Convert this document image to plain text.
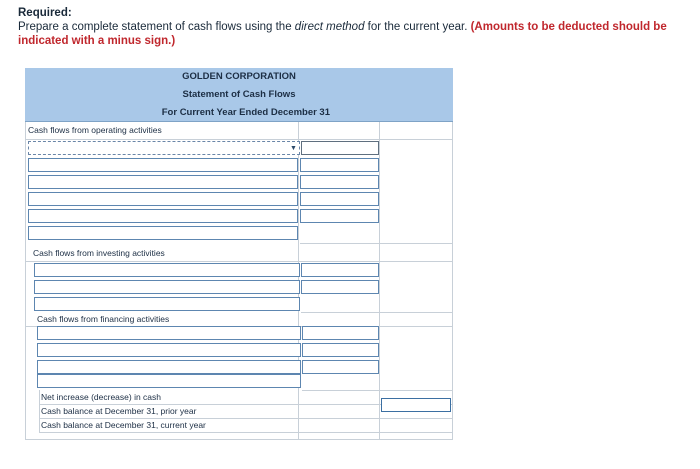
Required:
Prepare a complete statement of cash flows using the direct method for the current year. (Amounts to be deducted should be indicated with a minus sign.)
GOLDEN CORPORATION
Statement of Cash Flows
For Current Year Ended December 31
Cash flows from operating activities
▼
Cash flows from investing activities
Cash flows from financing activities
Net increase (decrease) in cash
Cash balance at December 31, prior year
Cash balance at December 31, current year
